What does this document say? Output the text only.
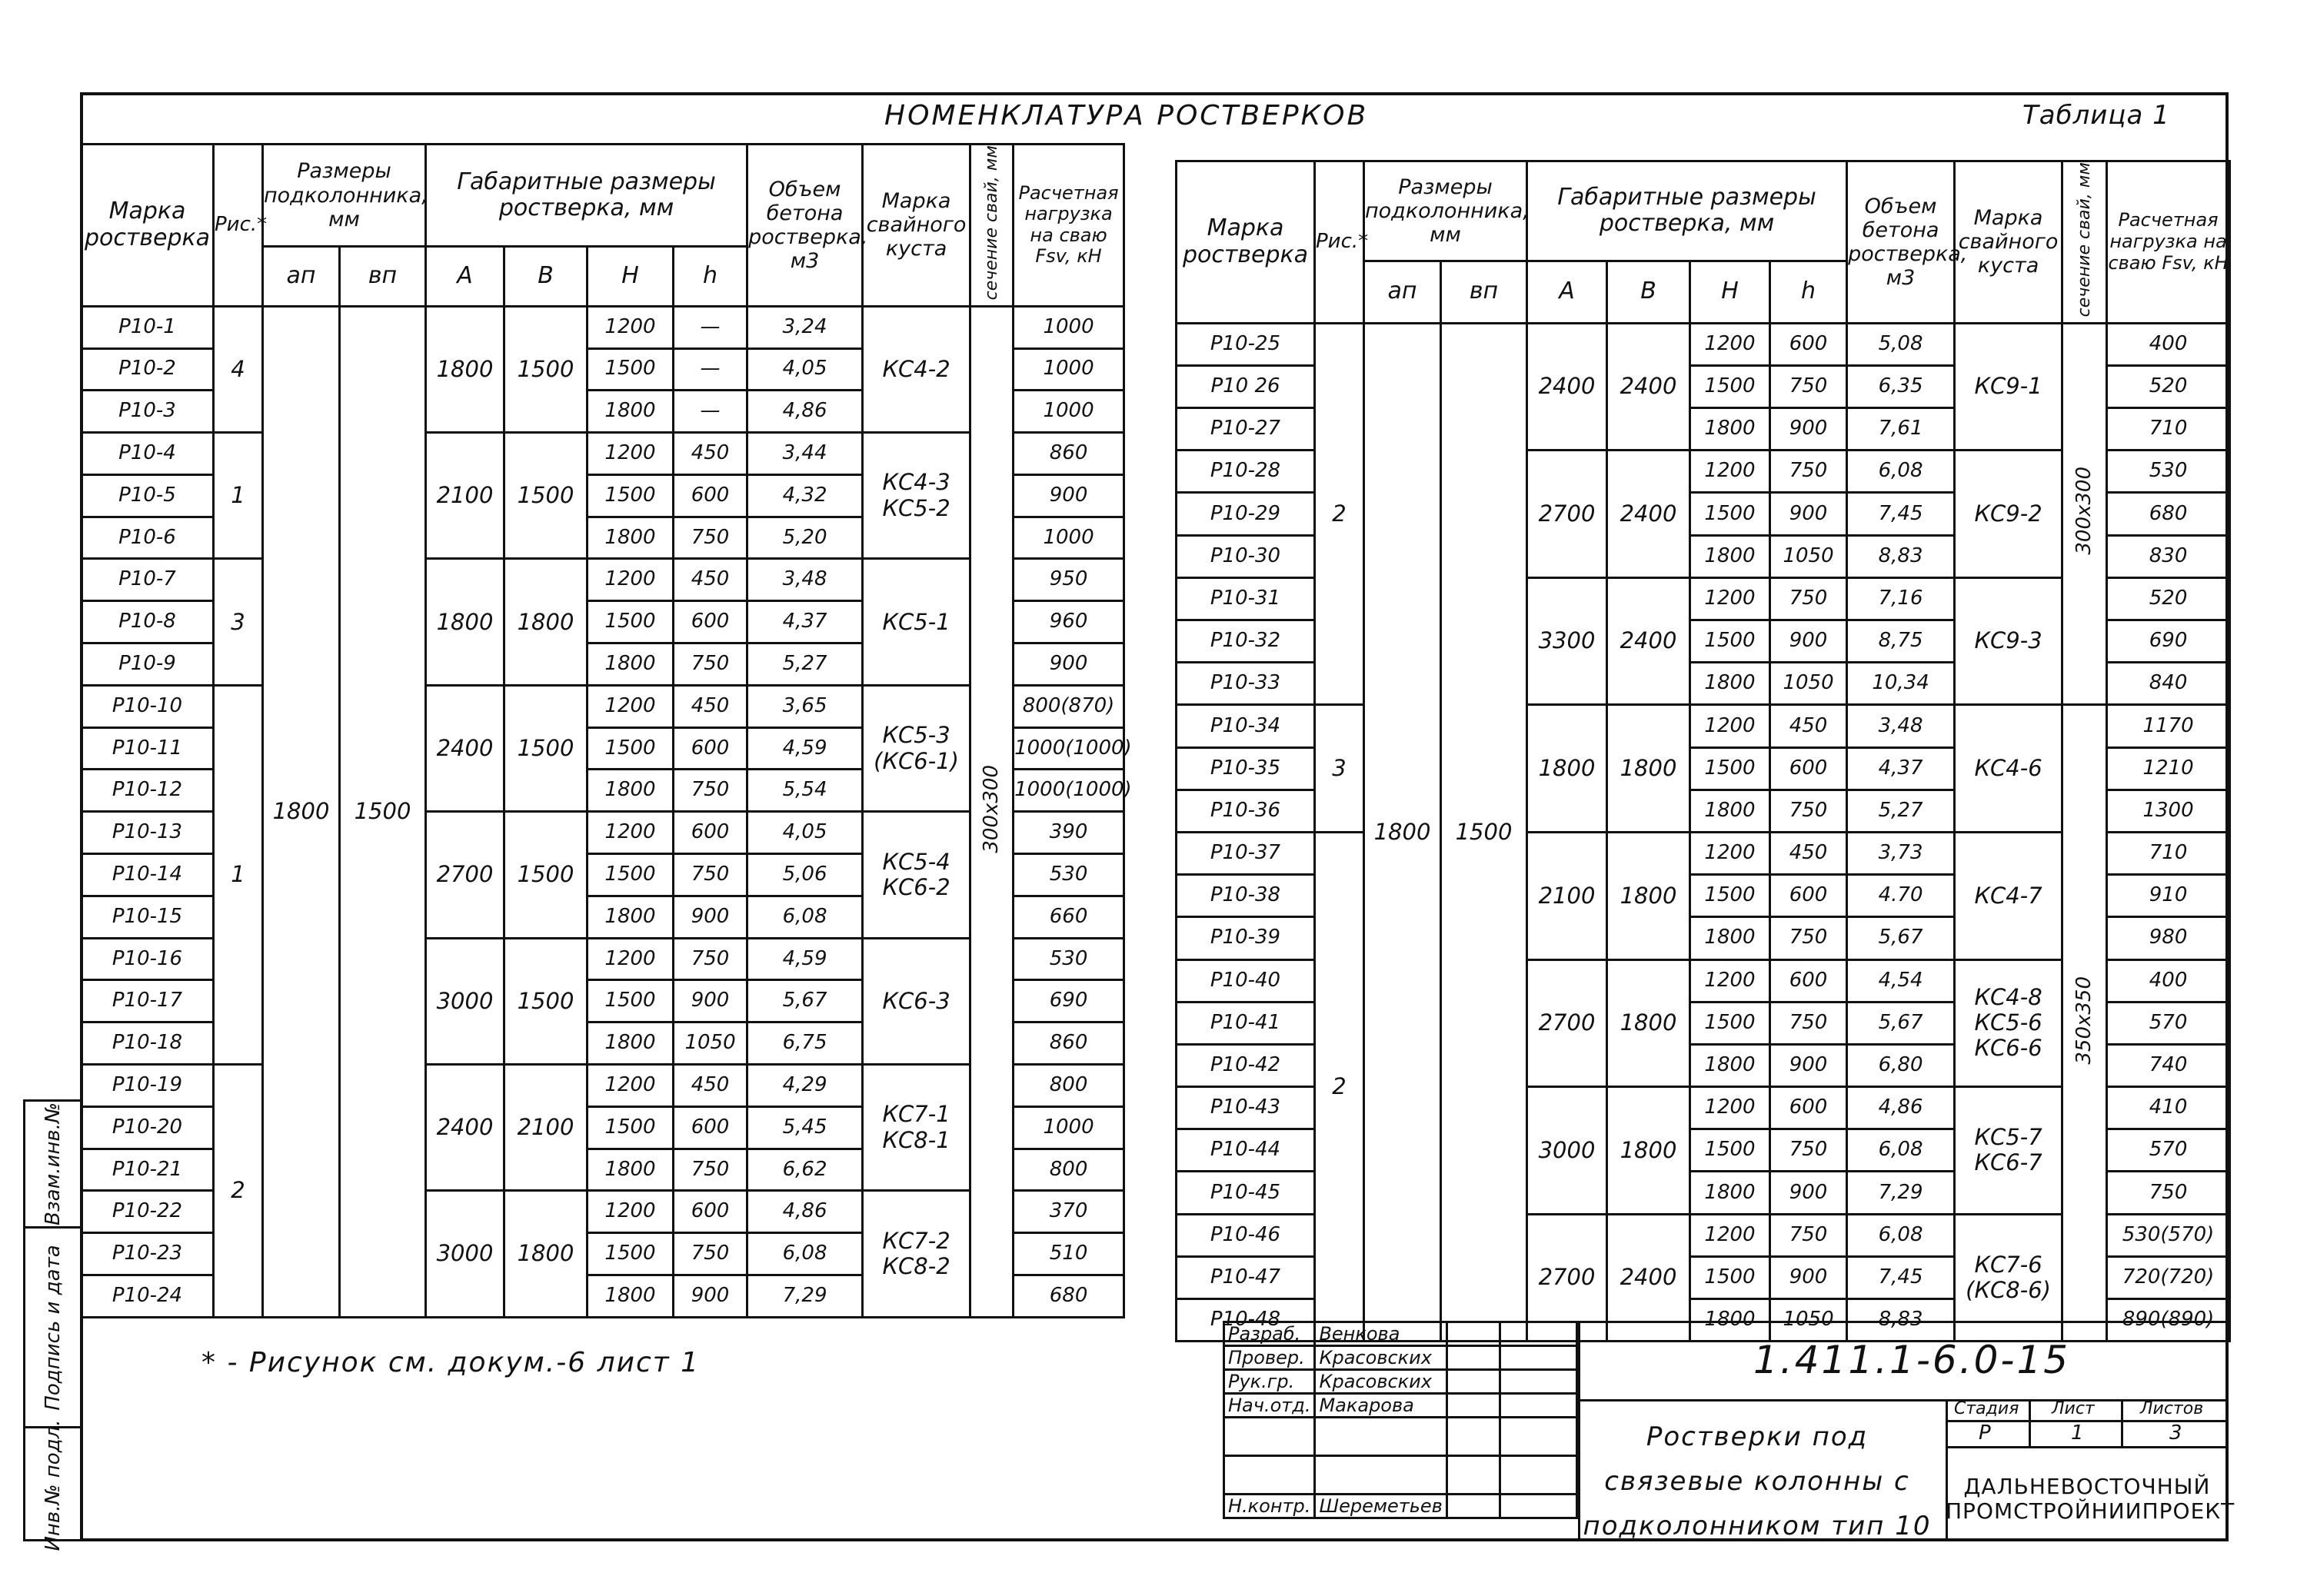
Взам.инв.№
Подпись и дата
Инв.№ подл.
НОМЕНКЛАТУРА РОСТВЕРКОВ	Таблица 1
Марка ростверка	Рис.*	Размеры подколонника, мм		Габаритные размеры ростверка, мм				Объем бетона ростверка, м3	Марка свайного куста	сечение свай, мм	Расчетная нагрузка на сваю Fsv, кН
		aп	вп	A	B	H	h				
P10-1	4	1800	1500	1800	1500	1200	—	3,24	КС4-2	300x300	1000
P10-2						1500	—	4,05			1000
P10-3						1800	—	4,86			1000
P10-4	1			2100	1500	1200	450	3,44	КС4-3 КС5-2		860
P10-5						1500	600	4,32			900
P10-6						1800	750	5,20			1000
P10-7	3			1800	1800	1200	450	3,48	КС5-1		950
P10-8						1500	600	4,37			960
P10-9						1800	750	5,27			900
P10-10	1			2400	1500	1200	450	3,65	КС5-3 (КС6-1)		800(870)
P10-11						1500	600	4,59			1000(1000)
P10-12						1800	750	5,54			1000(1000)
P10-13				2700	1500	1200	600	4,05	КС5-4 КС6-2		390
P10-14						1500	750	5,06			530
P10-15						1800	900	6,08			660
P10-16				3000	1500	1200	750	4,59	КС6-3		530
P10-17						1500	900	5,67			690
P10-18						1800	1050	6,75			860
P10-19	2			2400	2100	1200	450	4,29	КС7-1 КС8-1		800
P10-20						1500	600	5,45			1000
P10-21						1800	750	6,62			800
P10-22				3000	1800	1200	600	4,86	КС7-2 КС8-2		370
P10-23						1500	750	6,08			510
P10-24						1800	900	7,29			680
Марка ростверка	Рис.*	Размеры подколонника, мм		Габаритные размеры ростверка, мм				Объем бетона ростверка, м3	Марка свайного куста	сечение свай, мм	Расчетная нагрузка на сваю Fsv, кН
		aп	вп	A	B	H	h				
P10-25	2	1800	1500	2400	2400	1200	600	5,08	КС9-1	300x300	400
P10 26						1500	750	6,35			520
P10-27						1800	900	7,61			710
P10-28				2700	2400	1200	750	6,08	КС9-2		530
P10-29						1500	900	7,45			680
P10-30						1800	1050	8,83			830
P10-31				3300	2400	1200	750	7,16	КС9-3		520
P10-32						1500	900	8,75			690
P10-33						1800	1050	10,34			840
P10-34	3			1800	1800	1200	450	3,48	КС4-6	350x350	1170
P10-35						1500	600	4,37			1210
P10-36						1800	750	5,27			1300
P10-37	2			2100	1800	1200	450	3,73	КС4-7		710
P10-38						1500	600	4.70			910
P10-39						1800	750	5,67			980
P10-40				2700	1800	1200	600	4,54	КС4-8 КС5-6 КС6-6		400
P10-41						1500	750	5,67			570
P10-42						1800	900	6,80			740
P10-43				3000	1800	1200	600	4,86	КС5-7 КС6-7		410
P10-44						1500	750	6,08			570
P10-45						1800	900	7,29			750
P10-46				2700	2400	1200	750	6,08	КС7-6 (КС8-6)		530(570)
P10-47						1500	900	7,45			720(720)
P10-48						1800	1050	8,83			890(890)
* - Рисунок см. докум.-6 лист 1
Разраб.	Венкова		
Провер.	Красовских		
Рук.гр.	Красовских		
Нач.отд.	Макарова		

Н.контр.	Шереметьев		
Стадия Лист	Листов
Р	1	3
1.411.1-6.0-15
Ростверки под связевые колонны с подколонником тип 10
ДАЛЬНЕВОСТОЧНЫЙ ПРОМСТРОЙНИИПРОЕКТ
